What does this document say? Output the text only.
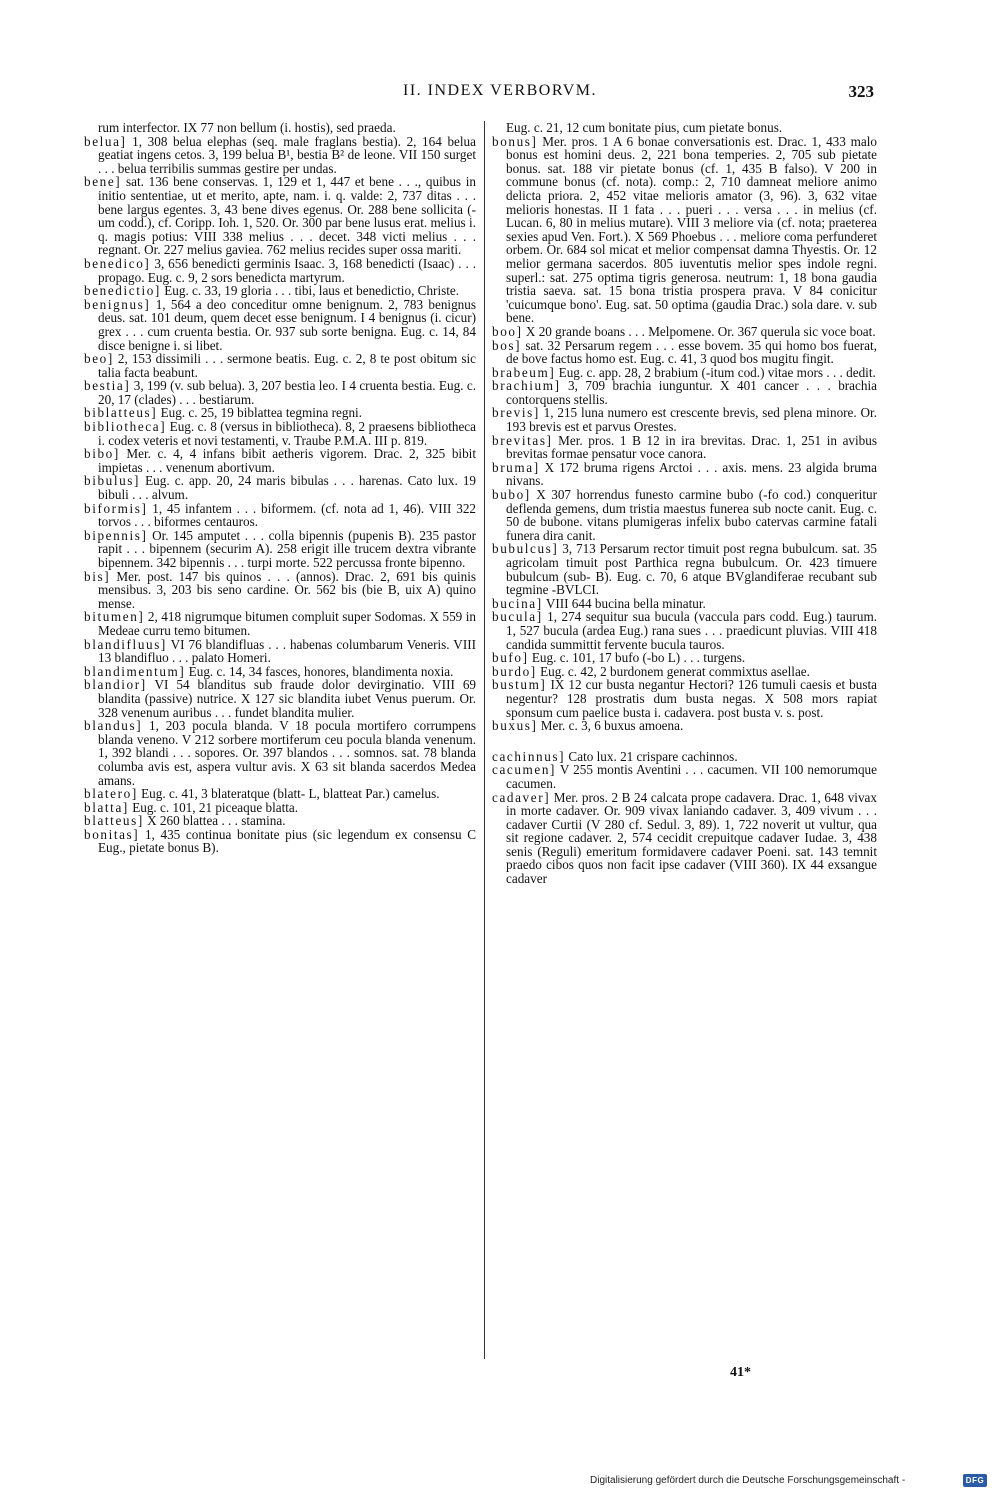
II. INDEX VERBORVM.	323

rum interfector. IX 77 non bellum (i. hostis), sed praeda.

belua] 1, 308 belua elephas (seq. male fraglans bestia). 2, 164 belua geatiat ingens cetos. 3, 199 belua B¹, bestia B² de leone. VII 150 surget . . . belua terribilis summas gestire per undas.

bene] sat. 136 bene conservas. 1, 129 et 1, 447 et bene . . ., quibus in initio sententiae, ut et merito, apte, nam. i. q. valde: 2, 737 ditas . . . bene largus egentes. 3, 43 bene dives egenus. Or. 288 bene sollicita (-um codd.), cf. Coripp. Ioh. 1, 520. Or. 300 par bene lusus erat. melius i. q. magis potius: VIII 338 melius . . . decet. 348 victi melius . . . regnant. Or. 227 melius gaviea. 762 melius recides super ossa mariti.

benedico] 3, 656 benedicti germinis Isaac. 3, 168 benedicti (Isaac) . . . propago. Eug. c. 9, 2 sors benedicta martyrum.

benedictio] Eug. c. 33, 19 gloria . . . tibi, laus et benedictio, Christe.

benignus] 1, 564 a deo conceditur omne benignum. 2, 783 benignus deus. sat. 101 deum, quem decet esse benignum. I 4 benignus (i. cicur) grex . . . cum cruenta bestia. Or. 937 sub sorte benigna. Eug. c. 14, 84 disce benigne i. si libet.

beo] 2, 153 dissimili . . . sermone beatis. Eug. c. 2, 8 te post obitum sic talia facta beabunt.

bestia] 3, 199 (v. sub belua). 3, 207 bestia leo. I 4 cruenta bestia. Eug. c. 20, 17 (clades) . . . bestiarum.

biblatteus] Eug. c. 25, 19 biblattea tegmina regni.

bibliotheca] Eug. c. 8 (versus in bibliotheca). 8, 2 praesens bibliotheca i. codex veteris et novi testamenti, v. Traube P.M.A. III p. 819.

bibo] Mer. c. 4, 4 infans bibit aetheris vigorem. Drac. 2, 325 bibit impietas . . . venenum abortivum.

bibulus] Eug. c. app. 20, 24 maris bibulas . . . harenas. Cato lux. 19 bibuli . . . alvum.

biformis] 1, 45 infantem . . . biformem. (cf. nota ad 1, 46). VIII 322 torvos . . . biformes centauros.

bipennis] Or. 145 amputet . . . colla bipennis (pupenis B). 235 pastor rapit . . . bipennem (securim A). 258 erigit ille trucem dextra vibrante bipennem. 342 bipennis . . . turpi morte. 522 percussa fronte bipenno.

bis] Mer. post. 147 bis quinos . . . (annos). Drac. 2, 691 bis quinis mensibus. 3, 203 bis seno cardine. Or. 562 bis (bie B, uix A) quino mense.

bitumen] 2, 418 nigrumque bitumen compluit super Sodomas. X 559 in Medeae curru temo bitumen.

blandifluus] VI 76 blandifluas . . . habenas columbarum Veneris. VIII 13 blandifluo . . . palato Homeri.

blandimentum] Eug. c. 14, 34 fasces, honores, blandimenta noxia.

blandior] VI 54 blanditus sub fraude dolor devirginatio. VIII 69 blandita (passive) nutrice. X 127 sic blandita iubet Venus puerum. Or. 328 venenum auribus . . . fundet blandita mulier.

blandus] 1, 203 pocula blanda. V 18 pocula mortifero corrumpens blanda veneno. V 212 sorbere mortiferum ceu pocula blanda venenum. 1, 392 blandi . . . sopores. Or. 397 blandos . . . somnos. sat. 78 blanda columba avis est, aspera vultur avis. X 63 sit blanda sacerdos Medea amans.

blatero] Eug. c. 41, 3 blateratque (blatt- L, blatteat Par.) camelus.

blatta] Eug. c. 101, 21 piceaque blatta.

blatteus] X 260 blattea . . . stamina.

bonitas] 1, 435 continua bonitate pius (sic legendum ex consensu C Eug., pietate bonus B).

Eug. c. 21, 12 cum bonitate pius, cum pietate bonus.

bonus] Mer. pros. 1 A 6 bonae conversationis est. Drac. 1, 433 malo bonus est homini deus. 2, 221 bona temperies. 2, 705 sub pietate bonus. sat. 188 vir pietate bonus (cf. 1, 435 B falso). V 200 in commune bonus (cf. nota). comp.: 2, 710 damneat meliore animo delicta priora. 2, 452 vitae melioris amator (3, 96). 3, 632 vitae melioris honestas. II 1 fata . . . pueri . . . versa . . . in melius (cf. Lucan. 6, 80 in melius mutare). VIII 3 meliore via (cf. nota; praeterea sexies apud Ven. Fort.). X 569 Phoebus . . . meliore coma perfunderet orbem. Or. 684 sol micat et melior compensat damna Thyestis. Or. 12 melior germana sacerdos. 805 iuventutis melior spes indole regni. superl.: sat. 275 optima tigris generosa. neutrum: 1, 18 bona gaudia tristia saeva. sat. 15 bona tristia prospera prava. V 84 conicitur 'cuicumque bono'. Eug. sat. 50 optima (gaudia Drac.) sola dare. v. sub bene.

boo] X 20 grande boans . . . Melpomene. Or. 367 querula sic voce boat.

bos] sat. 32 Persarum regem . . . esse bovem. 35 qui homo bos fuerat, de bove factus homo est. Eug. c. 41, 3 quod bos mugitu fingit.

brabeum] Eug. c. app. 28, 2 brabium (-itum cod.) vitae mors . . . dedit.

brachium] 3, 709 brachia iunguntur. X 401 cancer . . . brachia contorquens stellis.

brevis] 1, 215 luna numero est crescente brevis, sed plena minore. Or. 193 brevis est et parvus Orestes.

brevitas] Mer. pros. 1 B 12 in ira brevitas. Drac. 1, 251 in avibus brevitas formae pensatur voce canora.

bruma] X 172 bruma rigens Arctoi . . . axis. mens. 23 algida bruma nivans.

bubo] X 307 horrendus funesto carmine bubo (-fo cod.) conqueritur deflenda gemens, dum tristia maestus funerea sub nocte canit. Eug. c. 50 de bubone. vitans plumigeras infelix bubo catervas carmine fatali funera dira canit.

bubulcus] 3, 713 Persarum rector timuit post regna bubulcum. sat. 35 agricolam timuit post Parthica regna bubulcum. Or. 423 timuere bubulcum (sub- B). Eug. c. 70, 6 atque BVglandiferae recubant sub tegmine -BVLCI.

bucina] VIII 644 bucina bella minatur.

bucula] 1, 274 sequitur sua bucula (vaccula pars codd. Eug.) taurum. 1, 527 bucula (ardea Eug.) rana sues . . . praedicunt pluvias. VIII 418 candida summittit fervente bucula tauros.

bufo] Eug. c. 101, 17 bufo (-bo L) . . . turgens.

burdo] Eug. c. 42, 2 burdonem generat commixtus asellae.

bustum] IX 12 cur busta negantur Hectori? 126 tumuli caesis et busta negentur? 128 prostratis dum busta negas. X 508 mors rapiat sponsum cum paelice busta i. cadavera. post busta v. s. post.

buxus] Mer. c. 3, 6 buxus amoena.

cachinnus] Cato lux. 21 crispare cachinnos.

cacumen] V 255 montis Aventini . . . cacumen. VII 100 nemorumque cacumen.

cadaver] Mer. pros. 2 B 24 calcata prope cadavera. Drac. 1, 648 vivax in morte cadaver. Or. 909 vivax laniando cadaver. 3, 409 vivum . . . cadaver Curtii (V 280 cf. Sedul. 3, 89). 1, 722 noverit ut vultur, qua sit regione cadaver. 2, 574 cecidit crepuitque cadaver Iudae. 3, 438 senis (Reguli) emeritum formidavere cadaver Poeni. sat. 143 temnit praedo cibos quos non facit ipse cadaver (VIII 360). IX 44 exsangue cadaver

41*
Digitalisierung gefördert durch die Deutsche Forschungsgemeinschaft -	DFG
